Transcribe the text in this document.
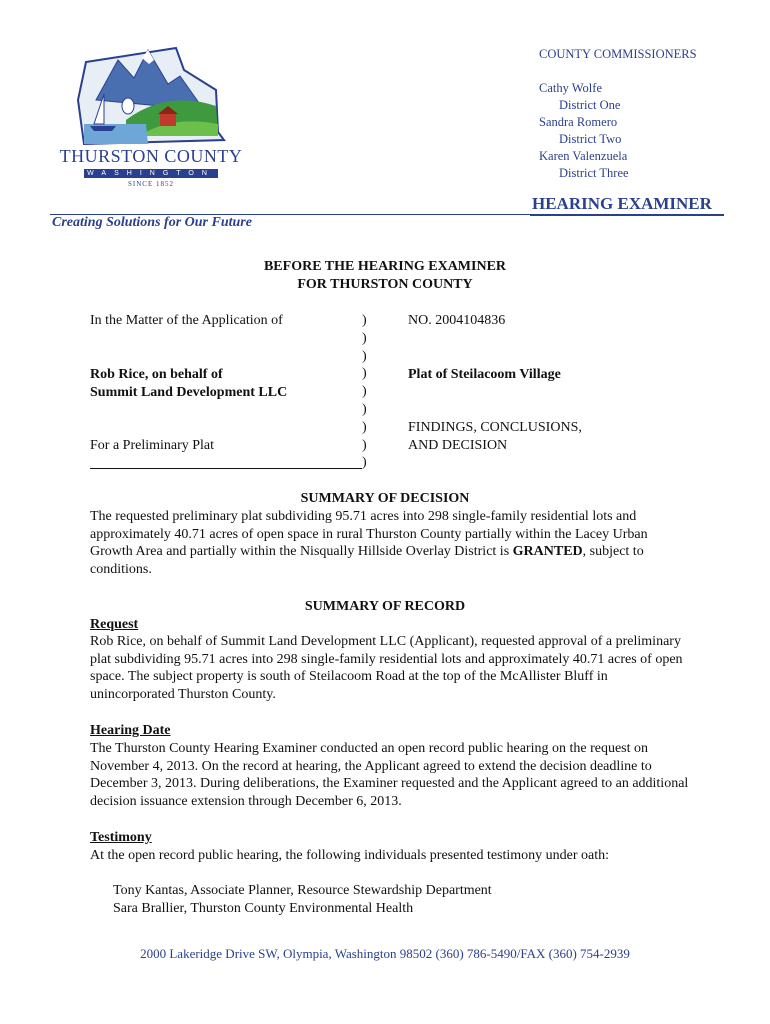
THURSTON COUNTY
WASHINGTON
SINCE 1852
COUNTY COMMISSIONERS

Cathy Wolfe

District One
Sandra Romero

District Two
Karen Valenzuela

District Three
HEARING EXAMINER
Creating Solutions for Our Future
BEFORE THE HEARING EXAMINER
FOR THURSTON COUNTY
In the Matter of the Application of
Rob Rice, on behalf of
Summit Land Development LLC
For a Preliminary Plat
)
)
)
)
)
)
)
)
)
NO. 2004104836
Plat of Steilacoom Village
FINDINGS, CONCLUSIONS,
AND DECISION
SUMMARY OF DECISION
The requested preliminary plat subdividing 95.71 acres into 298 single-family residential lots and approximately 40.71 acres of open space in rural Thurston County partially within the Lacey Urban Growth Area and partially within the Nisqually Hillside Overlay District is GRANTED, subject to conditions.
SUMMARY OF RECORD
Request
Rob Rice, on behalf of Summit Land Development LLC (Applicant), requested approval of a preliminary plat subdividing 95.71 acres into 298 single-family residential lots and approximately 40.71 acres of open space. The subject property is south of Steilacoom Road at the top of the McAllister Bluff in unincorporated Thurston County.
Hearing Date
The Thurston County Hearing Examiner conducted an open record public hearing on the request on November 4, 2013. On the record at hearing, the Applicant agreed to extend the decision deadline to December 3, 2013. During deliberations, the Examiner requested and the Applicant agreed to an additional decision issuance extension through December 6, 2013.
Testimony
At the open record public hearing, the following individuals presented testimony under oath:
Tony Kantas, Associate Planner, Resource Stewardship Department
Sara Brallier, Thurston County Environmental Health
2000 Lakeridge Drive SW, Olympia, Washington 98502 (360) 786-5490/FAX (360) 754-2939
